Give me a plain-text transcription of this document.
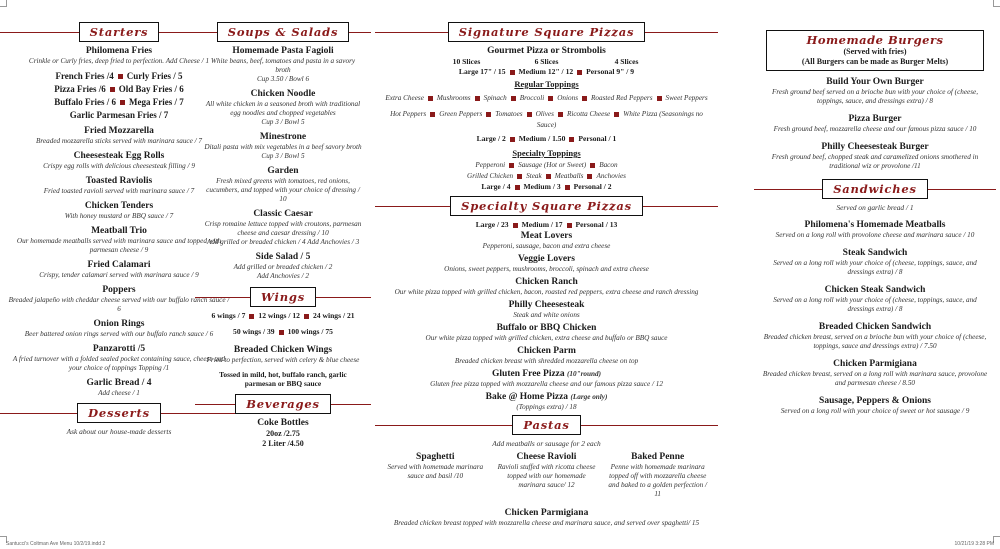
Starters
Philomena Fries
Crinkle or Curly fries, deep fried to perfection. Add Cheese / 1
French Fries /4 Curly Fries / 5
Pizza Fries /6 Old Bay Fries / 6
Buffalo Fries / 6 Mega Fries / 7
Garlic Parmesan Fries / 7
Fried Mozzarella
Breaded mozzarella sticks served with marinara sauce / 7
Cheesesteak Egg Rolls
Crispy egg rolls with delicious cheesesteak filling / 9
Toasted Raviolis
Fried toasted ravioli served with marinara sauce / 7
Chicken Tenders
With honey mustard or BBQ sauce / 7
Meatball Trio
Our homemade meatballs served with marinara sauce and topped with parmesan cheese / 9
Fried Calamari
Crispy, tender calamari served with marinara sauce / 9
Poppers
Breaded jalapeño with cheddar cheese served with our buffalo ranch sauce / 6
Onion Rings
Beer battered onion rings served with our buffalo ranch sauce / 6
Panzarotti /5
A fried turnover with a folded sealed pocket containing sauce, cheese and your choice of toppings Topping /1
Garlic Bread / 4
Add cheese / 1
Desserts
Ask about our house-made desserts
Soups & Salads
Homemade Pasta Fagioli
White beans, beef, tomatoes and pasta in a savory broth
Cup 3.50 / Bowl 6
Chicken Noodle
All white chicken in a seasoned broth with traditional egg noodles and chopped vegetables
Cup 3 / Bowl 5
Minestrone
Ditali pasta with mix vegetables in a beef savory broth
Cup 3 / Bowl 5
Garden
Fresh mixed greens with tomatoes, red onions, cucumbers, and topped with your choice of dressing / 10
Classic Caesar
Crisp romaine lettuce topped with croutons, parmesan cheese and caesar dressing / 10
Add grilled or breaded chicken / 4 Add Anchovies / 3
Side Salad / 5
Add grilled or breaded chicken / 2
Add Anchovies / 2
Wings
6 wings / 7 12 wings / 12 24 wings / 21
50 wings / 39 100 wings / 75
Breaded Chicken Wings
Fried to perfection, served with celery & blue cheese
Tossed in mild, hot, buffalo ranch, garlic parmesan or BBQ sauce
Beverages
Coke Bottles
20oz /2.75
2 Liter /4.50
Signature Square Pizzas
Gourmet Pizza or Strombolis
10 Slices	6 Slices	4 Slices
Large 17" / 15 Medium 12" / 12 Personal 9" / 9
Regular Toppings
Extra Cheese Mushrooms Spinach Broccoli Onions Roasted Red Peppers Sweet Peppers
Hot Peppers Green Peppers Tomatoes Olives Ricotta Cheese White Pizza (Seasonings no Sauce)
Large / 2 Medium / 1.50 Personal / 1
Specialty Toppings
Pepperoni Sausage (Hot or Sweet) Bacon
Grilled Chicken Steak Meatballs Anchovies
Large / 4 Medium / 3 Personal / 2
Specialty Square Pizzas
Large / 23 Medium / 17 Personal / 13
Meat Lovers
Pepperoni, sausage, bacon and extra cheese
Veggie Lovers
Onions, sweet peppers, mushrooms, broccoli, spinach and extra cheese
Chicken Ranch
Our white pizza topped with grilled chicken, bacon, roasted red peppers, extra cheese and ranch dressing
Philly Cheesesteak
Steak and white onions
Buffalo or BBQ Chicken
Our white pizza topped with grilled chicken, extra cheese and buffalo or BBQ sauce
Chicken Parm
Breaded chicken breast with shredded mozzarella cheese on top
Gluten Free Pizza (10"round)
Gluten free pizza topped with mozzarella cheese and our famous pizza sauce / 12
Bake @ Home Pizza (Large only)
(Toppings extra) / 18
Pastas
Add meatballs or sausage for 2 each
Spaghetti
Served with homemade marinara sauce and basil /10
Cheese Ravioli
Ravioli stuffed with ricotta cheese topped with our homemade marinara sauce/ 12
Baked Penne
Penne with homemade marinara topped off with mozzarella cheese and baked to a golden perfection / 11
Chicken Parmigiana
Breaded chicken breast topped with mozzarella cheese and marinara sauce, and served over spaghetti/ 15
Homemade Burgers
(Served with fries)
(All Burgers can be made as Burger Melts)
Build Your Own Burger
Fresh ground beef served on a brioche bun with your choice of (cheese, toppings, sauce, and dressings extra) / 8
Pizza Burger
Fresh ground beef, mozzarella cheese and our famous pizza sauce / 10
Philly Cheesesteak Burger
Fresh ground beef, chopped steak and caramelized onions smothered in traditional wiz or provolone /11
Sandwiches
Served on garlic bread / 1
Philomena's Homemade Meatballs
Served on a long roll with provolone cheese and marinara sauce / 10
Steak Sandwich
Served on a long roll with your choice of (cheese, toppings, sauce, and dressings extra) / 8
Chicken Steak Sandwich
Served on a long roll with your choice of (cheese, toppings, sauce, and dressings extra) / 8
Breaded Chicken Sandwich
Breaded chicken breast, served on a brioche bun with your choice of (cheese, toppings, sauce and dressings extra) / 7.50
Chicken Parmigiana
Breaded chicken breast, served on a long roll with marinara sauce, provolone and parmesan cheese / 8.50
Sausage, Peppers & Onions
Served on a long roll with your choice of sweet or hot sausage / 9
Santucci's Coltman Ave Menu 10/2/19.indd 2	10/21/19 3:28 PM
